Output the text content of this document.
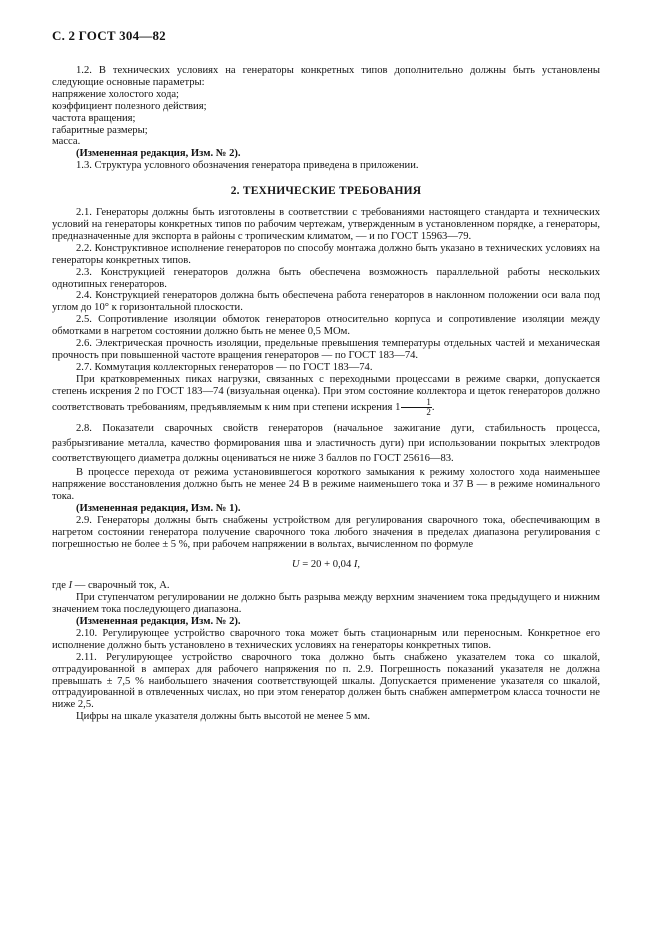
С. 2 ГОСТ 304—82

1.2. В технических условиях на генераторы конкретных типов дополнительно должны быть установлены следующие основные параметры:

напряжение холостого хода;

коэффициент полезного действия;

частота вращения;

габаритные размеры;

масса.

(Измененная редакция, Изм. № 2).

1.3. Структура условного обозначения генератора приведена в приложении.

2. ТЕХНИЧЕСКИЕ ТРЕБОВАНИЯ

2.1. Генераторы должны быть изготовлены в соответствии с требованиями настоящего стандарта и технических условий на генераторы конкретных типов по рабочим чертежам, утвержденным в установленном порядке, а генераторы, предназначенные для экспорта в районы с тропическим климатом, — и по ГОСТ 15963—79.

2.2. Конструктивное исполнение генераторов по способу монтажа должно быть указано в технических условиях на генераторы конкретных типов.

2.3. Конструкцией генераторов должна быть обеспечена возможность параллельной работы нескольких однотипных генераторов.

2.4. Конструкцией генераторов должна быть обеспечена работа генераторов в наклонном положении оси вала под углом до 10° к горизонтальной плоскости.

2.5. Сопротивление изоляции обмоток генераторов относительно корпуса и сопротивление изоляции между обмотками в нагретом состоянии должно быть не менее 0,5 МОм.

2.6. Электрическая прочность изоляции, предельные превышения температуры отдельных частей и механическая прочность при повышенной частоте вращения генераторов — по ГОСТ 183—74.

2.7. Коммутация коллекторных генераторов — по ГОСТ 183—74.

При кратковременных пиках нагрузки, связанных с переходными процессами в режиме сварки, допускается степень искрения 2 по ГОСТ 183—74 (визуальная оценка). При этом состояние коллектора и щеток генераторов должно соответствовать требованиям, предъявляемым к ним при степени искрения $1 \frac{1}{2}$ .

2.8. Показатели сварочных свойств генераторов (начальное зажигание дуги, стабильность процесса, разбрызгивание металла, качество формирования шва и эластичность дуги) при использовании покрытых электродов соответствующего диаметра должны оцениваться не ниже 3 баллов по ГОСТ 25616—83.

В процессе перехода от режима установившегося короткого замыкания к режиму холостого хода наименьшее напряжение восстановления должно быть не менее 24 В в режиме наименьшего тока и 37 В — в режиме номинального тока.

(Измененная редакция, Изм. № 1).

2.9. Генераторы должны быть снабжены устройством для регулирования сварочного тока, обеспечивающим в нагретом состоянии генератора получение сварочного тока любого значения в пределах диапазона регулирования с погрешностью не более ± 5 %, при рабочем напряжении в вольтах, вычисленном по формуле

U = 20 + 0,04 I,

где I — сварочный ток, А.

При ступенчатом регулировании не должно быть разрыва между верхним значением тока предыдущего и нижним значением тока последующего диапазона.

(Измененная редакция, Изм. № 2).

2.10. Регулирующее устройство сварочного тока может быть стационарным или переносным. Конкретное его исполнение должно быть установлено в технических условиях на генераторы конкретных типов.

2.11. Регулирующее устройство сварочного тока должно быть снабжено указателем тока со шкалой, отградуированной в амперах для рабочего напряжения по п. 2.9. Погрешность показаний указателя не должна превышать ± 7,5 % наибольшего значения соответствующей шкалы. Допускается применение указателя со шкалой, отградуированной в отвлеченных числах, но при этом генератор должен быть снабжен амперметром класса точности не ниже 2,5.

Цифры на шкале указателя должны быть высотой не менее 5 мм.
